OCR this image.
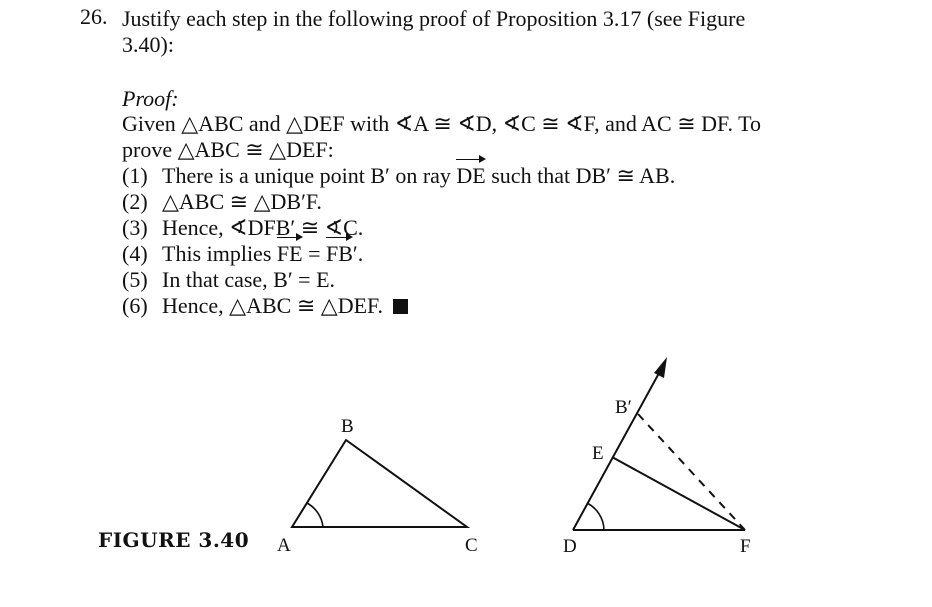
26. Justify each step in the following proof of Proposition 3.17 (see Figure
3.40):
Proof:
Given △ABC and △DEF with ∢A ≅ ∢D, ∢C ≅ ∢F, and AC ≅ DF. To
prove △ABC ≅ △DEF:
(1) There is a unique point B′ on ray DE such that DB′ ≅ AB.
(2) △ABC ≅ △DB′F.
(3) Hence, ∢DFB′ ≅ ∢C.
(4) This implies FE = FB′.
(5) In that case, B′ = E.
(6) Hence, △ABC ≅ △DEF.
B
A	C
B′
E
D	F
FIGURE 3.40
